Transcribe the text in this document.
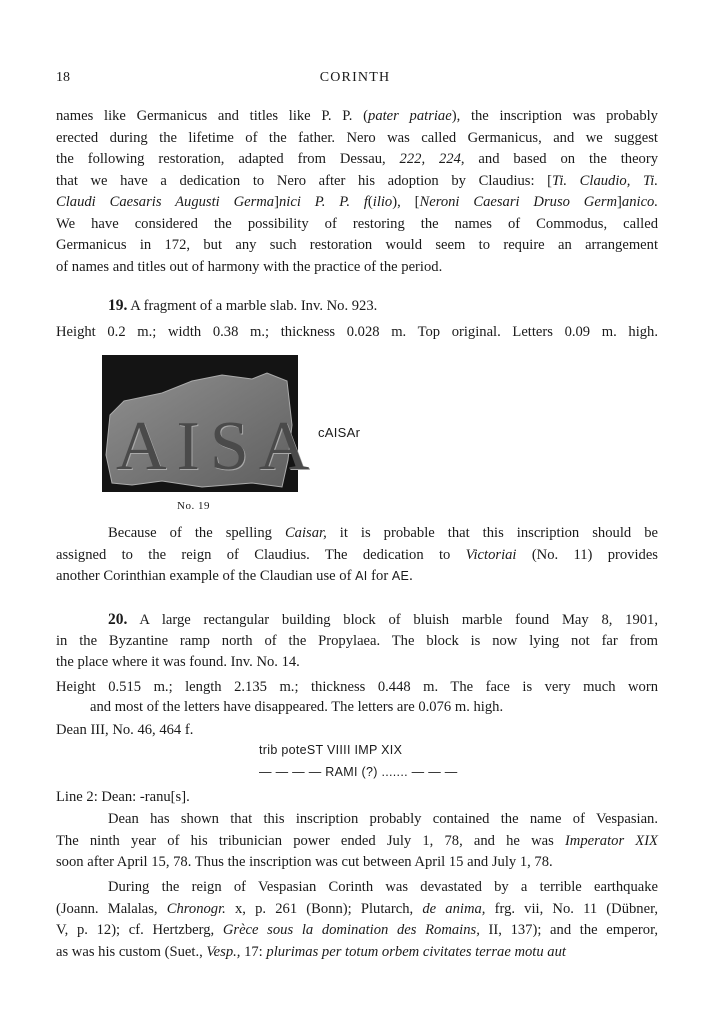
18	CORINTH
names like Germanicus and titles like P. P. (pater patriae), the inscription was probably
erected during the lifetime of the father. Nero was called Germanicus, and we suggest
the following restoration, adapted from Dessau, 222, 224, and based on the theory
that we have a dedication to Nero after his adoption by Claudius: [Ti. Claudio, Ti.
Claudi Caesaris Augusti Germa]nici P. P. f(ilio), [Neroni Caesari Druso Germ]anico.
We have considered the possibility of restoring the names of Commodus, called
Germanicus in 172, but any such restoration would seem to require an arrangement
of names and titles out of harmony with the practice of the period.
19. A fragment of a marble slab. Inv. No. 923.
Height 0.2 m.; width 0.38 m.; thickness 0.028 m. Top original. Letters 0.09 m. high.
AISA
cAISAr
No. 19
Because of the spelling Caisar, it is probable that this inscription should be
assigned to the reign of Claudius. The dedication to Victoriai (No. 11) provides
another Corinthian example of the Claudian use of AI for AE.
20. A large rectangular building block of bluish marble found May 8, 1901,
in the Byzantine ramp north of the Propylaea. The block is now lying not far from
the place where it was found. Inv. No. 14.
Height 0.515 m.; length 2.135 m.; thickness 0.448 m. The face is very much worn
and most of the letters have disappeared. The letters are 0.076 m. high.
Dean III, No. 46, 464 f.
trib poteST VIIII IMP XIX
— — — — RAMI (?) ....... — — —
Line 2: Dean: -ranu[s].
Dean has shown that this inscription probably contained the name of Vespasian.
The ninth year of his tribunician power ended July 1, 78, and he was Imperator XIX
soon after April 15, 78. Thus the inscription was cut between April 15 and July 1, 78.
During the reign of Vespasian Corinth was devastated by a terrible earthquake
(Joann. Malalas, Chronogr. x, p. 261 (Bonn); Plutarch, de anima, frg. vii, No. 11 (Dübner,
V, p. 12); cf. Hertzberg, Grèce sous la domination des Romains, II, 137); and the emperor,
as was his custom (Suet., Vesp., 17: plurimas per totum orbem civitates terrae motu aut
